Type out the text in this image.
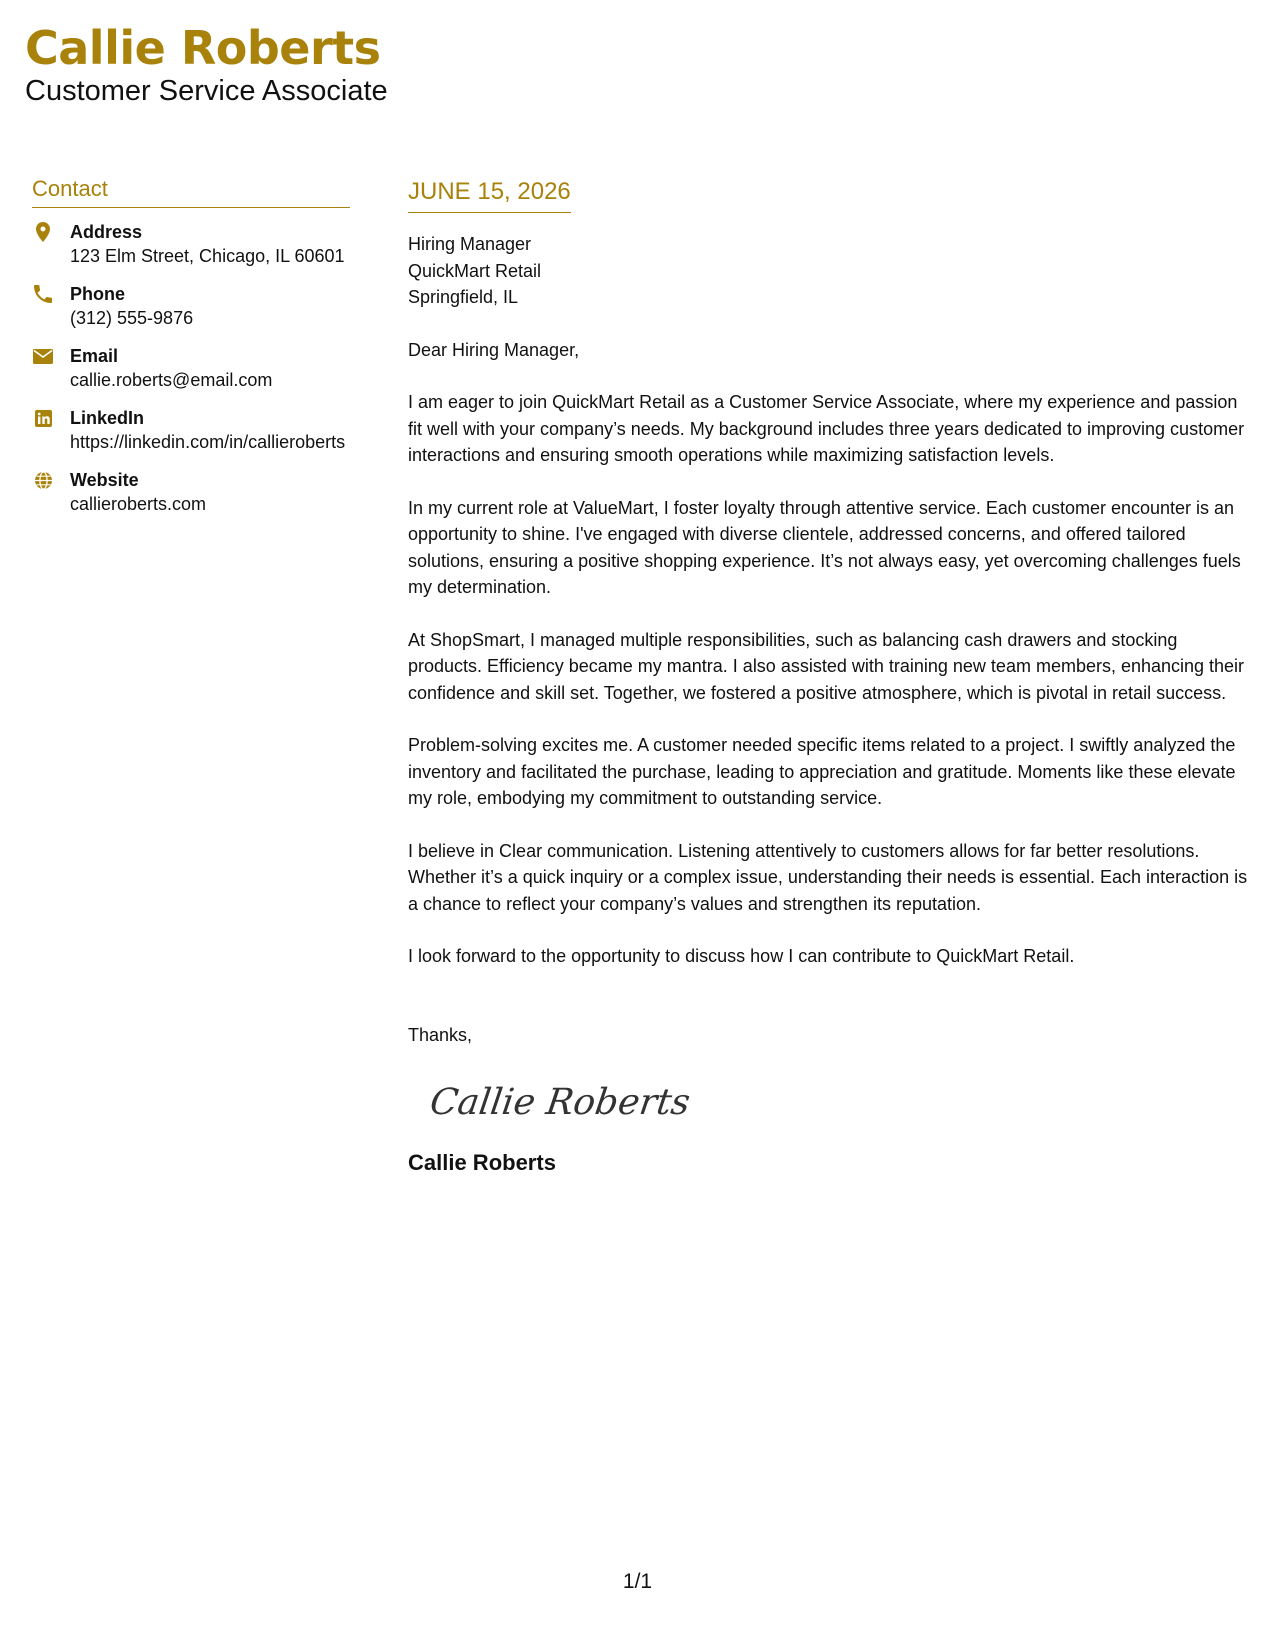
Callie Roberts
Customer Service Associate
Contact
Address
123 Elm Street, Chicago, IL 60601
Phone
(312) 555-9876
Email
callie.roberts@email.com
LinkedIn
https://linkedin.com/in/callieroberts
Website
callieroberts.com
JUNE 15, 2026
Hiring Manager
QuickMart Retail
Springfield, IL
Dear Hiring Manager,
I am eager to join QuickMart Retail as a Customer Service Associate, where my experience and passion fit well with your company’s needs. My background includes three years dedicated to improving customer interactions and ensuring smooth operations while maximizing satisfaction levels.
In my current role at ValueMart, I foster loyalty through attentive service. Each customer encounter is an opportunity to shine. I've engaged with diverse clientele, addressed concerns, and offered tailored solutions, ensuring a positive shopping experience. It’s not always easy, yet overcoming challenges fuels my determination.
At ShopSmart, I managed multiple responsibilities, such as balancing cash drawers and stocking products. Efficiency became my mantra. I also assisted with training new team members, enhancing their confidence and skill set. Together, we fostered a positive atmosphere, which is pivotal in retail success.
Problem-solving excites me. A customer needed specific items related to a project. I swiftly analyzed the inventory and facilitated the purchase, leading to appreciation and gratitude. Moments like these elevate my role, embodying my commitment to outstanding service.
I believe in Clear communication. Listening attentively to customers allows for far better resolutions. Whether it’s a quick inquiry or a complex issue, understanding their needs is essential. Each interaction is a chance to reflect your company’s values and strengthen its reputation.
I look forward to the opportunity to discuss how I can contribute to QuickMart Retail.
Thanks,
Callie Roberts
Callie Roberts
1/1
